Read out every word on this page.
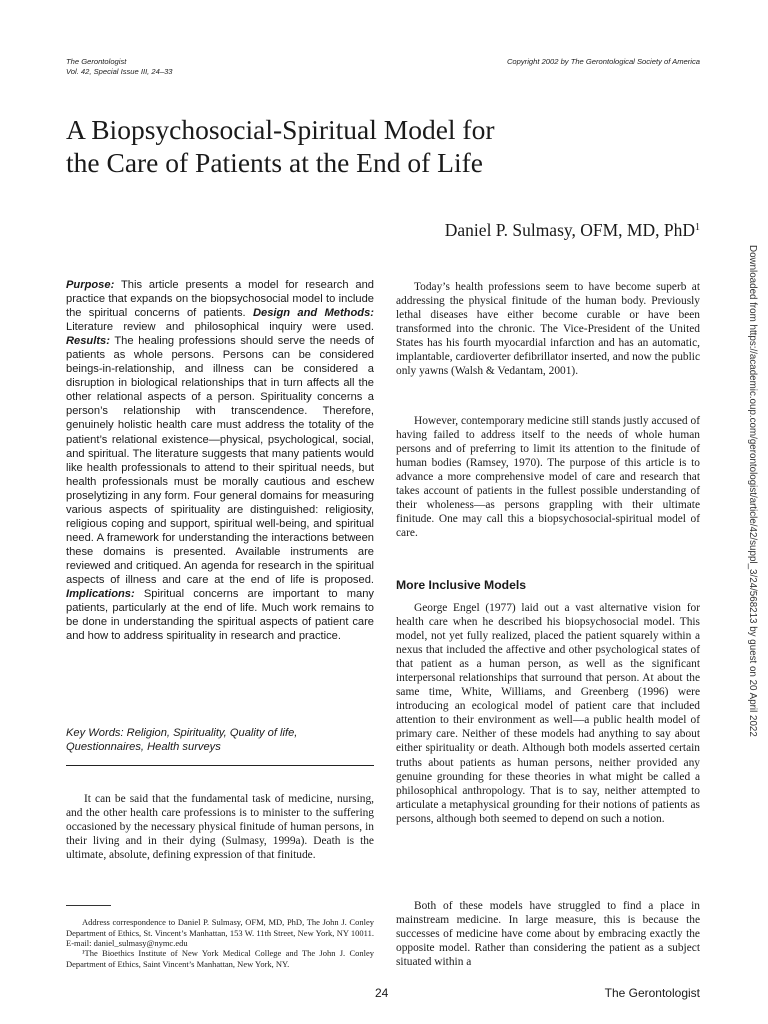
The Gerontologist
Vol. 42, Special Issue III, 24–33
Copyright 2002 by The Gerontological Society of America
A Biopsychosocial-Spiritual Model for
the Care of Patients at the End of Life
Daniel P. Sulmasy, OFM, MD, PhD$^1$
Downloaded from https://academic.oup.com/gerontologist/article/42/suppl_3/24/568213 by guest on 20 April 2022

Purpose: This article presents a model for research and practice that expands on the biopsychosocial model to include the spiritual concerns of patients. Design and Methods: Literature review and philosophical inquiry were used. Results: The healing professions should serve the needs of patients as whole persons. Persons can be considered beings-in-relationship, and illness can be considered a disruption in biological relationships that in turn affects all the other relational aspects of a person. Spirituality concerns a person’s relationship with transcendence. Therefore, genuinely holistic health care must address the totality of the patient’s relational existence—physical, psychological, social, and spiritual. The literature suggests that many patients would like health professionals to attend to their spiritual needs, but health professionals must be morally cautious and eschew proselytizing in any form. Four general domains for measuring various aspects of spirituality are distinguished: religiosity, religious coping and support, spiritual well-being, and spiritual need. A framework for understanding the interactions between these domains is presented. Available instruments are reviewed and critiqued. An agenda for research in the spiritual aspects of illness and care at the end of life is proposed. Implications: Spiritual concerns are important to many patients, particularly at the end of life. Much work remains to be done in understanding the spiritual aspects of patient care and how to address spirituality in research and practice.

Key Words: Religion, Spirituality, Quality of life, Questionnaires, Health surveys

It can be said that the fundamental task of medicine, nursing, and the other health care professions is to minister to the suffering occasioned by the necessary physical finitude of human persons, in their living and in their dying (Sulmasy, 1999a). Death is the ultimate, absolute, defining expression of that finitude.

Address correspondence to Daniel P. Sulmasy, OFM, MD, PhD, The John J. Conley Department of Ethics, St. Vincent’s Manhattan, 153 W. 11th Street, New York, NY 10011. E-mail: daniel_sulmasy@nymc.edu

¹The Bioethics Institute of New York Medical College and The John J. Conley Department of Ethics, Saint Vincent’s Manhattan, New York, NY.

Today’s health professions seem to have become superb at addressing the physical finitude of the human body. Previously lethal diseases have either become curable or have been transformed into the chronic. The Vice-President of the United States has his fourth myocardial infarction and has an automatic, implantable, cardioverter defibrillator inserted, and now the public only yawns (Walsh & Vedantam, 2001).

However, contemporary medicine still stands justly accused of having failed to address itself to the needs of whole human persons and of preferring to limit its attention to the finitude of human bodies (Ramsey, 1970). The purpose of this article is to advance a more comprehensive model of care and research that takes account of patients in the fullest possible understanding of their wholeness—as persons grappling with their ultimate finitude. One may call this a biopsychosocial-spiritual model of care.

More Inclusive Models

George Engel (1977) laid out a vast alternative vision for health care when he described his biopsychosocial model. This model, not yet fully realized, placed the patient squarely within a nexus that included the affective and other psychological states of that patient as a human person, as well as the significant interpersonal relationships that surround that person. At about the same time, White, Williams, and Greenberg (1996) were introducing an ecological model of patient care that included attention to their environment as well—a public health model of primary care. Neither of these models had anything to say about either spirituality or death. Although both models asserted certain truths about patients as human persons, neither provided any genuine grounding for these theories in what might be called a philosophical anthropology. That is to say, neither attempted to articulate a metaphysical grounding for their notions of patients as persons, although both seemed to depend on such a notion.

Both of these models have struggled to find a place in mainstream medicine. In large measure, this is because the successes of medicine have come about by embracing exactly the opposite model. Rather than considering the patient as a subject situated within a

24	The Gerontologist
